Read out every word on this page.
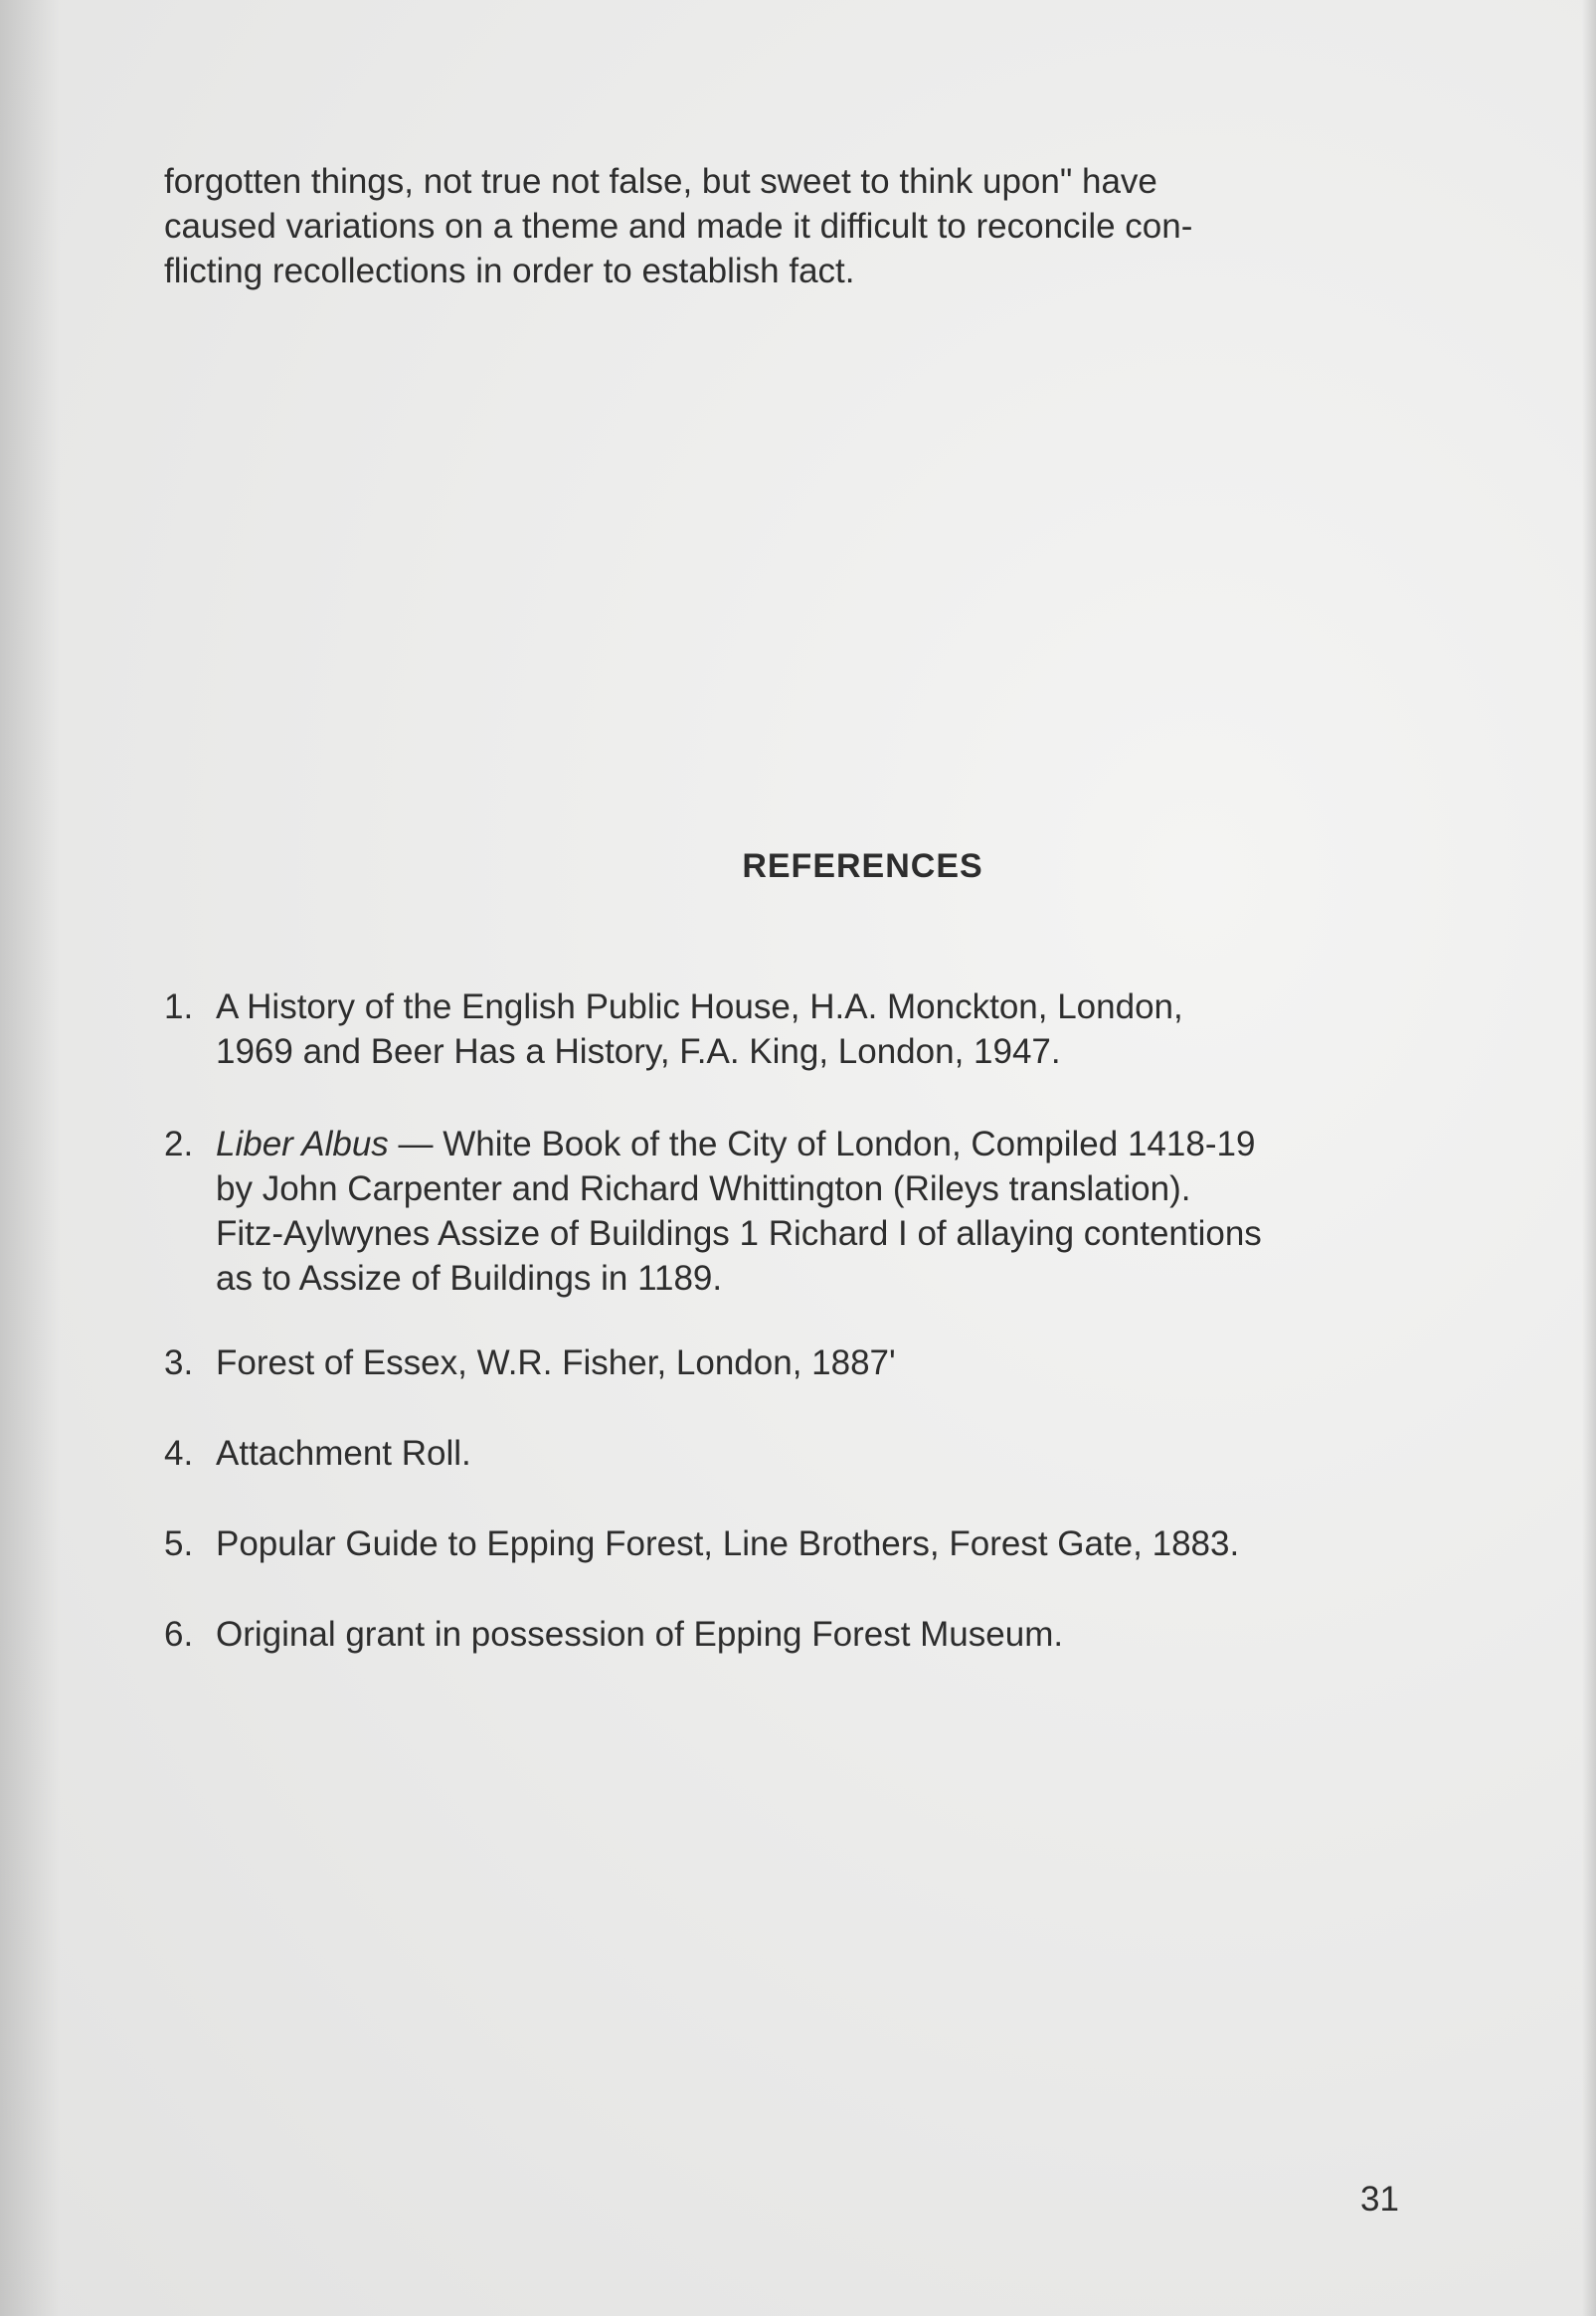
forgotten things, not true not false, but sweet to think upon" have
caused variations on a theme and made it difficult to reconcile con-
flicting recollections in order to establish fact.

REFERENCES
1. A History of the English Public House, H.A. Monckton, London,
1969 and Beer Has a History, F.A. King, London, 1947.
2. Liber Albus — White Book of the City of London, Compiled 1418-19
by John Carpenter and Richard Whittington (Rileys translation).
Fitz-Aylwynes Assize of Buildings 1 Richard I of allaying contentions
as to Assize of Buildings in 1189.
3. Forest of Essex, W.R. Fisher, London, 1887'
4. Attachment Roll.
5. Popular Guide to Epping Forest, Line Brothers, Forest Gate, 1883.
6. Original grant in possession of Epping Forest Museum.
31
